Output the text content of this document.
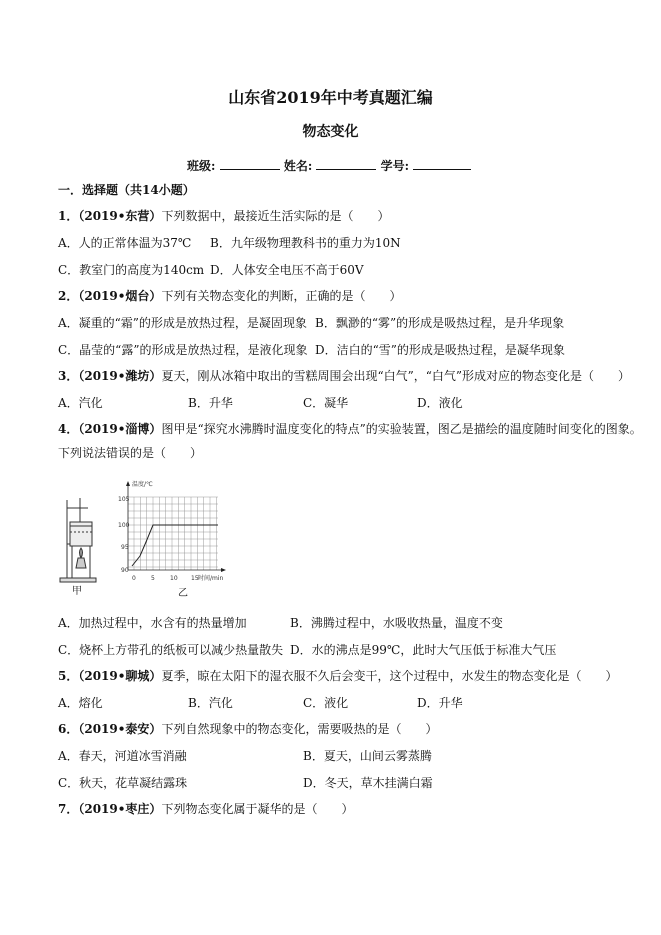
山东省2019年中考真题汇编
物态变化
班级:	姓名:	学号:
一．选择题（共14小题）
1．（2019•东营）下列数据中，最接近生活实际的是（　　）
A．人的正常体温为37℃ B．九年级物理教科书的重力为10N
C．教室门的高度为140cm D．人体安全电压不高于60V
2．（2019•烟台）下列有关物态变化的判断，正确的是（　　）
A．凝重的“霜”的形成是放热过程，是凝固现象 B．飘渺的“雾”的形成是吸热过程，是升华现象
C．晶莹的“露”的形成是放热过程，是液化现象 D．洁白的“雪”的形成是吸热过程，是凝华现象
3．（2019•潍坊）夏天，刚从冰箱中取出的雪糕周围会出现“白气”，“白气”形成对应的物态变化是（　　）
A．汽化	B．升华	C．凝华	D．液化
4．（2019•淄博）图甲是“探究水沸腾时温度变化的特点”的实验装置，图乙是描绘的温度随时间变化的图象。
下列说法错误的是（　　）
105
100
95
90
0	5	10 15
温度/℃
时间/min
甲	乙
A．加热过程中，水含有的热量增加	B．沸腾过程中，水吸收热量，温度不变
C．烧杯上方带孔的纸板可以减少热量散失 D．水的沸点是99℃，此时大气压低于标准大气压
5．（2019•聊城）夏季，晾在太阳下的湿衣服不久后会变干，这个过程中，水发生的物态变化是（　　）
A．熔化	B．汽化	C．液化	D．升华
6．（2019•泰安）下列自然现象中的物态变化，需要吸热的是（　　）
A．春天，河道冰雪消融	B．夏天，山间云雾蒸腾
C．秋天，花草凝结露珠	D．冬天，草木挂满白霜
7．（2019•枣庄）下列物态变化属于凝华的是（　　）
